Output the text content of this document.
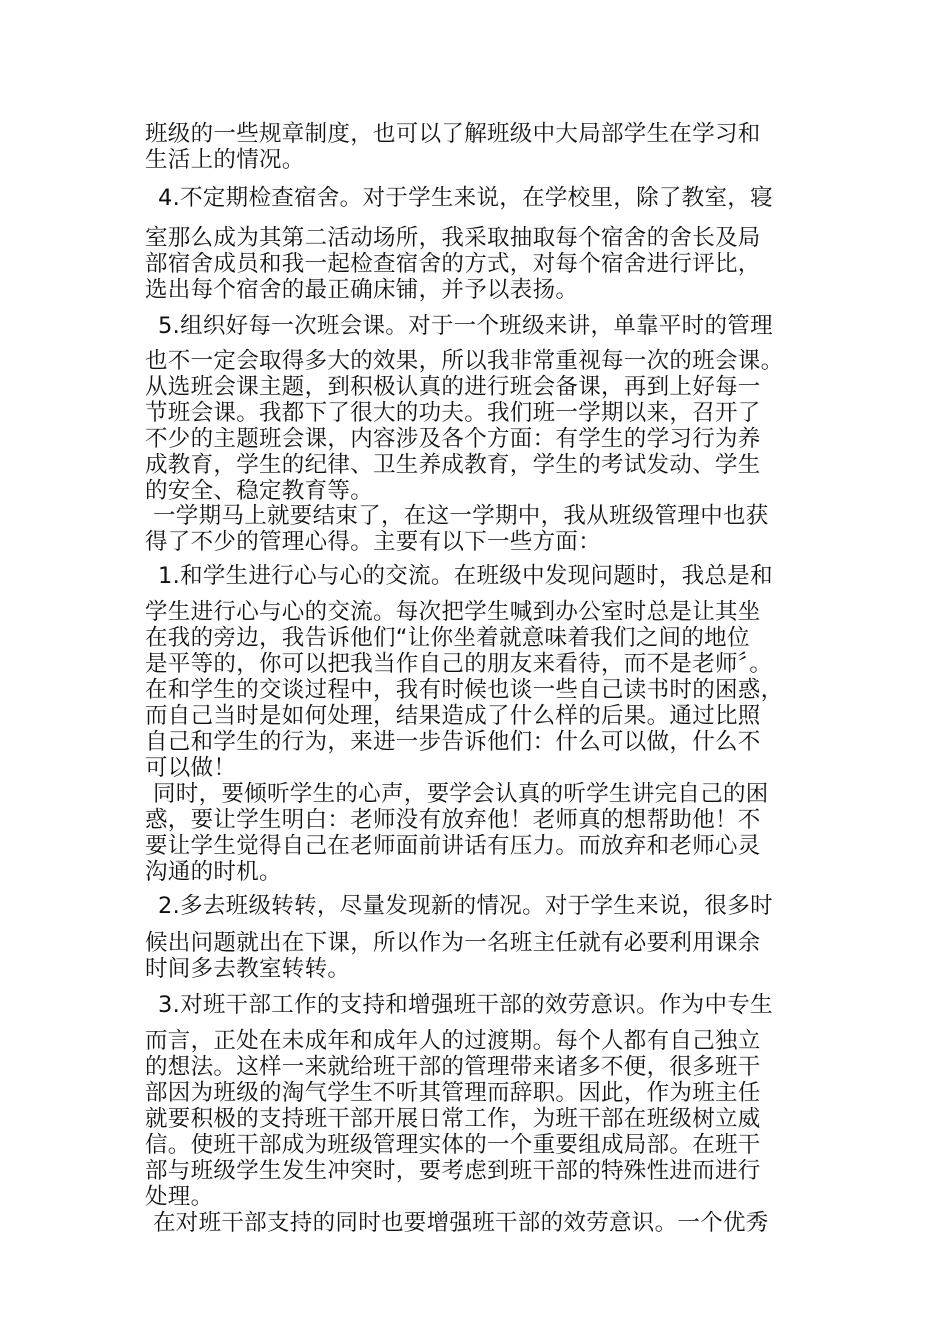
班级的一些规章制度，也可以了解班级中大局部学生在学习和
生活上的情况。
4.不定期检查宿舍。对于学生来说，在学校里，除了教室，寝
室那么成为其第二活动场所，我采取抽取每个宿舍的舍长及局
部宿舍成员和我一起检查宿舍的方式，对每个宿舍进行评比，
选出每个宿舍的最正确床铺，并予以表扬。
5.组织好每一次班会课。对于一个班级来讲，单靠平时的管理
也不一定会取得多大的效果，所以我非常重视每一次的班会课。
从选班会课主题，到积极认真的进行班会备课，再到上好每一
节班会课。我都下了很大的功夫。我们班一学期以来，召开了
不少的主题班会课，内容涉及各个方面：有学生的学习行为养
成教育，学生的纪律、卫生养成教育，学生的考试发动、学生
的安全、稳定教育等。
一学期马上就要结束了，在这一学期中，我从班级管理中也获
得了不少的管理心得。主要有以下一些方面：
1.和学生进行心与心的交流。在班级中发现问题时，我总是和
学生进行心与心的交流。每次把学生喊到办公室时总是让其坐
在我的旁边，我告诉他们“让你坐着就意味着我们之间的地位
是平等的，你可以把我当作自己的朋友来看待，而不是老师〞。
在和学生的交谈过程中，我有时候也谈一些自己读书时的困惑，
而自己当时是如何处理，结果造成了什么样的后果。通过比照
自己和学生的行为，来进一步告诉他们：什么可以做，什么不
可以做！
同时，要倾听学生的心声，要学会认真的听学生讲完自己的困
惑，要让学生明白：老师没有放弃他！老师真的想帮助他！不
要让学生觉得自己在老师面前讲话有压力。而放弃和老师心灵
沟通的时机。
2.多去班级转转，尽量发现新的情况。对于学生来说，很多时
候出问题就出在下课，所以作为一名班主任就有必要利用课余
时间多去教室转转。
3.对班干部工作的支持和增强班干部的效劳意识。作为中专生
而言，正处在未成年和成年人的过渡期。每个人都有自己独立
的想法。这样一来就给班干部的管理带来诸多不便，很多班干
部因为班级的淘气学生不听其管理而辞职。因此，作为班主任
就要积极的支持班干部开展日常工作，为班干部在班级树立威
信。使班干部成为班级管理实体的一个重要组成局部。在班干
部与班级学生发生冲突时，要考虑到班干部的特殊性进而进行
处理。
在对班干部支持的同时也要增强班干部的效劳意识。一个优秀
